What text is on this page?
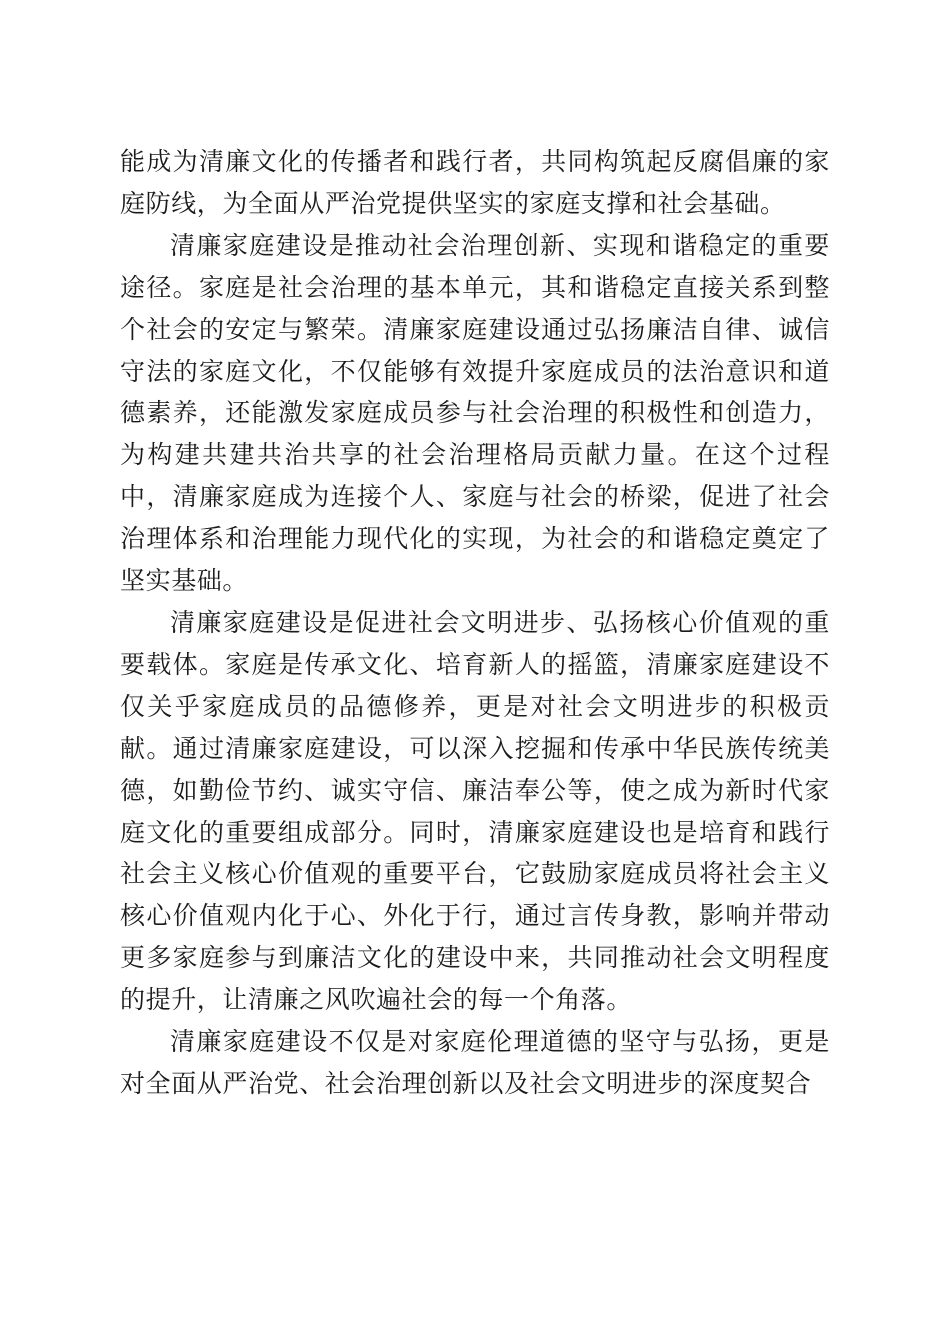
能成为清廉文化的传播者和践行者，共同构筑起反腐倡廉的家庭防线，为全面从严治党提供坚实的家庭支撑和社会基础。

清廉家庭建设是推动社会治理创新、实现和谐稳定的重要途径。家庭是社会治理的基本单元，其和谐稳定直接关系到整个社会的安定与繁荣。清廉家庭建设通过弘扬廉洁自律、诚信守法的家庭文化，不仅能够有效提升家庭成员的法治意识和道德素养，还能激发家庭成员参与社会治理的积极性和创造力，为构建共建共治共享的社会治理格局贡献力量。在这个过程中，清廉家庭成为连接个人、家庭与社会的桥梁，促进了社会治理体系和治理能力现代化的实现，为社会的和谐稳定奠定了坚实基础。

清廉家庭建设是促进社会文明进步、弘扬核心价值观的重要载体。家庭是传承文化、培育新人的摇篮，清廉家庭建设不仅关乎家庭成员的品德修养，更是对社会文明进步的积极贡献。通过清廉家庭建设，可以深入挖掘和传承中华民族传统美德，如勤俭节约、诚实守信、廉洁奉公等，使之成为新时代家庭文化的重要组成部分。同时，清廉家庭建设也是培育和践行社会主义核心价值观的重要平台，它鼓励家庭成员将社会主义核心价值观内化于心、外化于行，通过言传身教，影响并带动更多家庭参与到廉洁文化的建设中来，共同推动社会文明程度的提升，让清廉之风吹遍社会的每一个角落。

清廉家庭建设不仅是对家庭伦理道德的坚守与弘扬，更是对全面从严治党、社会治理创新以及社会文明进步的深度契合
